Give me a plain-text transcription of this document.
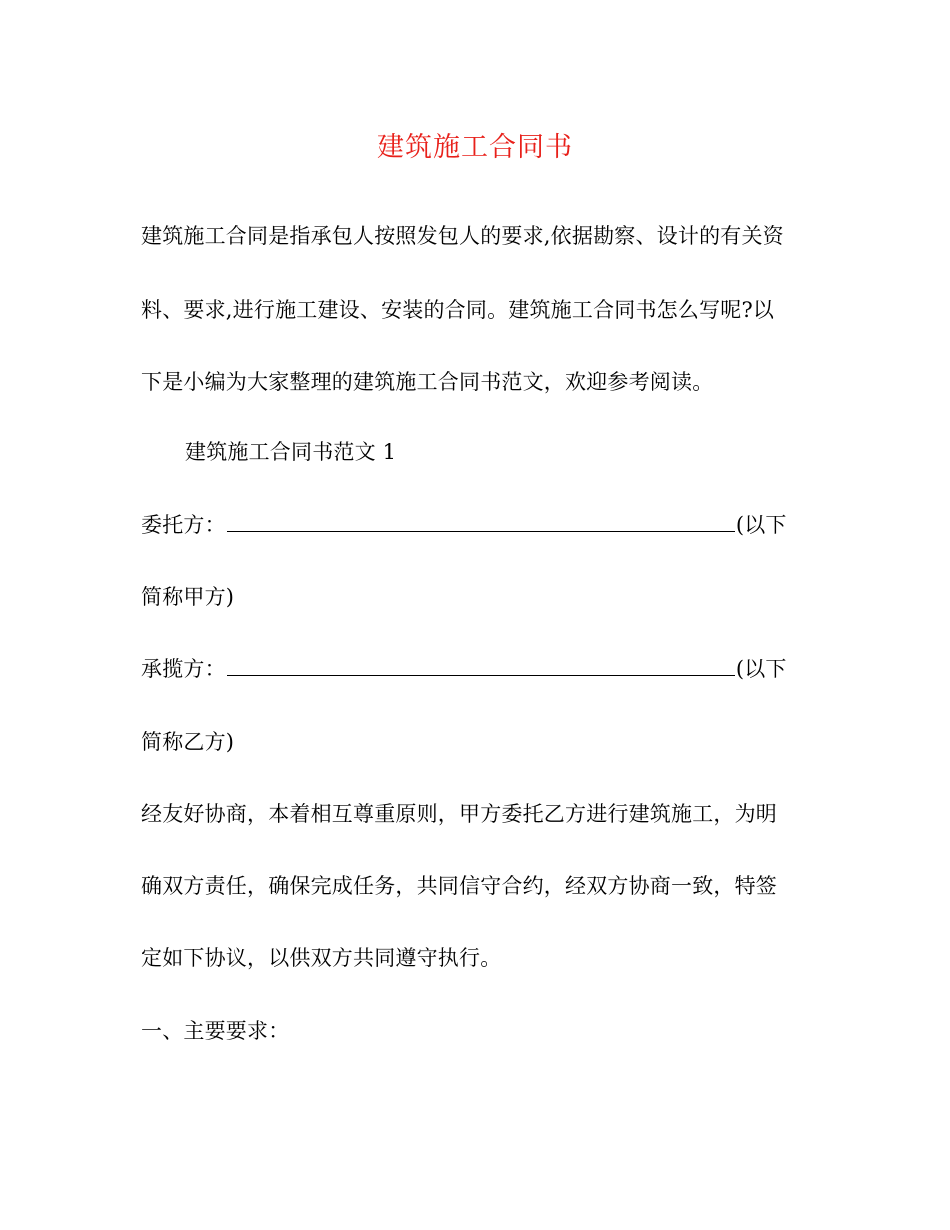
建筑施工合同书
建筑施工合同是指承包人按照发包人的要求,依据勘察、设计的有关资
料、要求,进行施工建设、安装的合同。建筑施工合同书怎么写呢?以
下是小编为大家整理的建筑施工合同书范文，欢迎参考阅读。
建筑施工合同书范文 1
委托方：	(以下
简称甲方)
承揽方：	(以下
简称乙方)
经友好协商，本着相互尊重原则，甲方委托乙方进行建筑施工，为明
确双方责任，确保完成任务，共同信守合约，经双方协商一致，特签
定如下协议，以供双方共同遵守执行。
一、主要要求：
